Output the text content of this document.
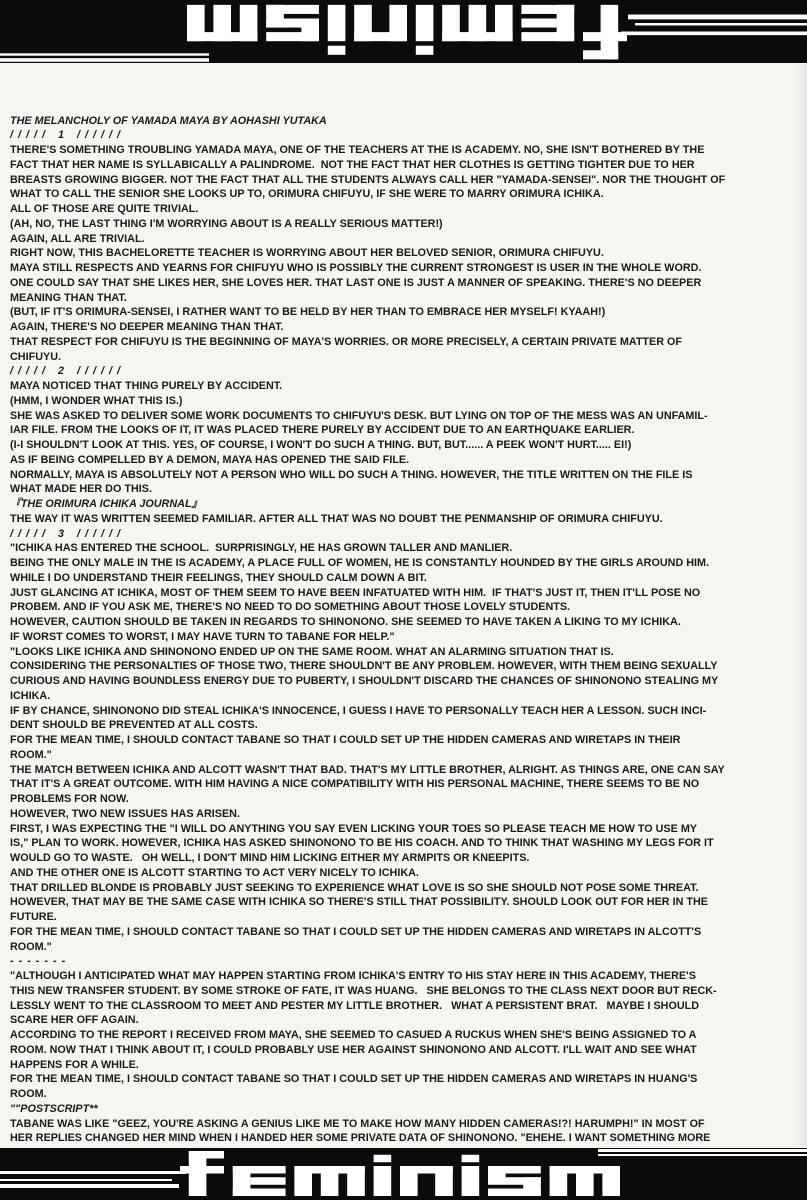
THE MELANCHOLY OF YAMADA MAYA BY AOHASHI YUTAKA
/ / / / /   1   / / / / / /
THERE'S SOMETHING TROUBLING YAMADA MAYA, ONE OF THE TEACHERS AT THE IS ACADEMY. NO, SHE ISN'T BOTHERED BY THE
FACT THAT HER NAME IS SYLLABICALLY A PALINDROME.  NOT THE FACT THAT HER CLOTHES IS GETTING TIGHTER DUE TO HER
BREASTS GROWING BIGGER. NOT THE FACT THAT ALL THE STUDENTS ALWAYS CALL HER "YAMADA-SENSEI". NOR THE THOUGHT OF
WHAT TO CALL THE SENIOR SHE LOOKS UP TO, ORIMURA CHIFUYU, IF SHE WERE TO MARRY ORIMURA ICHIKA.
ALL OF THOSE ARE QUITE TRIVIAL.
(AH, NO, THE LAST THING I'M WORRYING ABOUT IS A REALLY SERIOUS MATTER!)
AGAIN, ALL ARE TRIVIAL.
RIGHT NOW, THIS BACHELORETTE TEACHER IS WORRYING ABOUT HER BELOVED SENIOR, ORIMURA CHIFUYU.
MAYA STILL RESPECTS AND YEARNS FOR CHIFUYU WHO IS POSSIBLY THE CURRENT STRONGEST IS USER IN THE WHOLE WORD.
ONE COULD SAY THAT SHE LIKES HER, SHE LOVES HER. THAT LAST ONE IS JUST A MANNER OF SPEAKING. THERE'S NO DEEPER
MEANING THAN THAT.
(BUT, IF IT'S ORIMURA-SENSEI, I RATHER WANT TO BE HELD BY HER THAN TO EMBRACE HER MYSELF! KYAAH!)
AGAIN, THERE'S NO DEEPER MEANING THAN THAT.
THAT RESPECT FOR CHIFUYU IS THE BEGINNING OF MAYA'S WORRIES. OR MORE PRECISELY, A CERTAIN PRIVATE MATTER OF
CHIFUYU.
/ / / / /   2   / / / / / /
MAYA NOTICED THAT THING PURELY BY ACCIDENT.
(HMM, I WONDER WHAT THIS IS.)
SHE WAS ASKED TO DELIVER SOME WORK DOCUMENTS TO CHIFUYU'S DESK. BUT LYING ON TOP OF THE MESS WAS AN UNFAMIL-
IAR FILE. FROM THE LOOKS OF IT, IT WAS PLACED THERE PURELY BY ACCIDENT DUE TO AN EARTHQUAKE EARLIER.
(I-I SHOULDN'T LOOK AT THIS. YES, OF COURSE, I WON'T DO SUCH A THING. BUT, BUT...... A PEEK WON'T HURT..... EI!)
AS IF BEING COMPELLED BY A DEMON, MAYA HAS OPENED THE SAID FILE.
NORMALLY, MAYA IS ABSOLUTELY NOT A PERSON WHO WILL DO SUCH A THING. HOWEVER, THE TITLE WRITTEN ON THE FILE IS
WHAT MADE HER DO THIS.
『THE ORIMURA ICHIKA JOURNAL』
THE WAY IT WAS WRITTEN SEEMED FAMILIAR. AFTER ALL THAT WAS NO DOUBT THE PENMANSHIP OF ORIMURA CHIFUYU.
/ / / / /   3   / / / / / /
"ICHIKA HAS ENTERED THE SCHOOL.  SURPRISINGLY, HE HAS GROWN TALLER AND MANLIER.
BEING THE ONLY MALE IN THE IS ACADEMY, A PLACE FULL OF WOMEN, HE IS CONSTANTLY HOUNDED BY THE GIRLS AROUND HIM.
WHILE I DO UNDERSTAND THEIR FEELINGS, THEY SHOULD CALM DOWN A BIT.
JUST GLANCING AT ICHIKA, MOST OF THEM SEEM TO HAVE BEEN INFATUATED WITH HIM.  IF THAT'S JUST IT, THEN IT'LL POSE NO
PROBEM. AND IF YOU ASK ME, THERE'S NO NEED TO DO SOMETHING ABOUT THOSE LOVELY STUDENTS.
HOWEVER, CAUTION SHOULD BE TAKEN IN REGARDS TO SHINONONO. SHE SEEMED TO HAVE TAKEN A LIKING TO MY ICHIKA.
IF WORST COMES TO WORST, I MAY HAVE TURN TO TABANE FOR HELP."
"LOOKS LIKE ICHIKA AND SHINONONO ENDED UP ON THE SAME ROOM. WHAT AN ALARMING SITUATION THAT IS.
CONSIDERING THE PERSONALTIES OF THOSE TWO, THERE SHOULDN'T BE ANY PROBLEM. HOWEVER, WITH THEM BEING SEXUALLY
CURIOUS AND HAVING BOUNDLESS ENERGY DUE TO PUBERTY, I SHOULDN'T DISCARD THE CHANCES OF SHINONONO STEALING MY
ICHIKA.
IF BY CHANCE, SHINONONO DID STEAL ICHIKA'S INNOCENCE, I GUESS I HAVE TO PERSONALLY TEACH HER A LESSON. SUCH INCI-
DENT SHOULD BE PREVENTED AT ALL COSTS.
FOR THE MEAN TIME, I SHOULD CONTACT TABANE SO THAT I COULD SET UP THE HIDDEN CAMERAS AND WIRETAPS IN THEIR
ROOM."
THE MATCH BETWEEN ICHIKA AND ALCOTT WASN'T THAT BAD. THAT'S MY LITTLE BROTHER, ALRIGHT. AS THINGS ARE, ONE CAN SAY
THAT IT'S A GREAT OUTCOME. WITH HIM HAVING A NICE COMPATIBILITY WITH HIS PERSONAL MACHINE, THERE SEEMS TO BE NO
PROBLEMS FOR NOW.
HOWEVER, TWO NEW ISSUES HAS ARISEN.
FIRST, I WAS EXPECTING THE "I WILL DO ANYTHING YOU SAY EVEN LICKING YOUR TOES SO PLEASE TEACH ME HOW TO USE MY
IS," PLAN TO WORK. HOWEVER, ICHIKA HAS ASKED SHINONONO TO BE HIS COACH. AND TO THINK THAT WASHING MY LEGS FOR IT
WOULD GO TO WASTE.   OH WELL, I DON'T MIND HIM LICKING EITHER MY ARMPITS OR KNEEPITS.
AND THE OTHER ONE IS ALCOTT STARTING TO ACT VERY NICELY TO ICHIKA.
THAT DRILLED BLONDE IS PROBABLY JUST SEEKING TO EXPERIENCE WHAT LOVE IS SO SHE SHOULD NOT POSE SOME THREAT.
HOWEVER, THAT MAY BE THE SAME CASE WITH ICHIKA SO THERE'S STILL THAT POSSIBILITY. SHOULD LOOK OUT FOR HER IN THE
FUTURE.
FOR THE MEAN TIME, I SHOULD CONTACT TABANE SO THAT I COULD SET UP THE HIDDEN CAMERAS AND WIRETAPS IN ALCOTT'S
ROOM."
- - - - - - -
"ALTHOUGH I ANTICIPATED WHAT MAY HAPPEN STARTING FROM ICHIKA'S ENTRY TO HIS STAY HERE IN THIS ACADEMY, THERE'S
THIS NEW TRANSFER STUDENT. BY SOME STROKE OF FATE, IT WAS HUANG.   SHE BELONGS TO THE CLASS NEXT DOOR BUT RECK-
LESSLY WENT TO THE CLASSROOM TO MEET AND PESTER MY LITTLE BROTHER.   WHAT A PERSISTENT BRAT.   MAYBE I SHOULD
SCARE HER OFF AGAIN.
ACCORDING TO THE REPORT I RECEIVED FROM MAYA, SHE SEEMED TO CASUED A RUCKUS WHEN SHE'S BEING ASSIGNED TO A
ROOM. NOW THAT I THINK ABOUT IT, I COULD PROBABLY USE HER AGAINST SHINONONO AND ALCOTT. I'LL WAIT AND SEE WHAT
HAPPENS FOR A WHILE.
FOR THE MEAN TIME, I SHOULD CONTACT TABANE SO THAT I COULD SET UP THE HIDDEN CAMERAS AND WIRETAPS IN HUANG'S
ROOM.
""POSTSCRIPT**
TABANE WAS LIKE "GEEZ, YOU'RE ASKING A GENIUS LIKE ME TO MAKE HOW MANY HIDDEN CAMERAS!?! HARUMPH!" IN MOST OF
HER REPLIES CHANGED HER MIND WHEN I HANDED HER SOME PRIVATE DATA OF SHINONONO. "EHEHE. I WANT SOMETHING MORE
